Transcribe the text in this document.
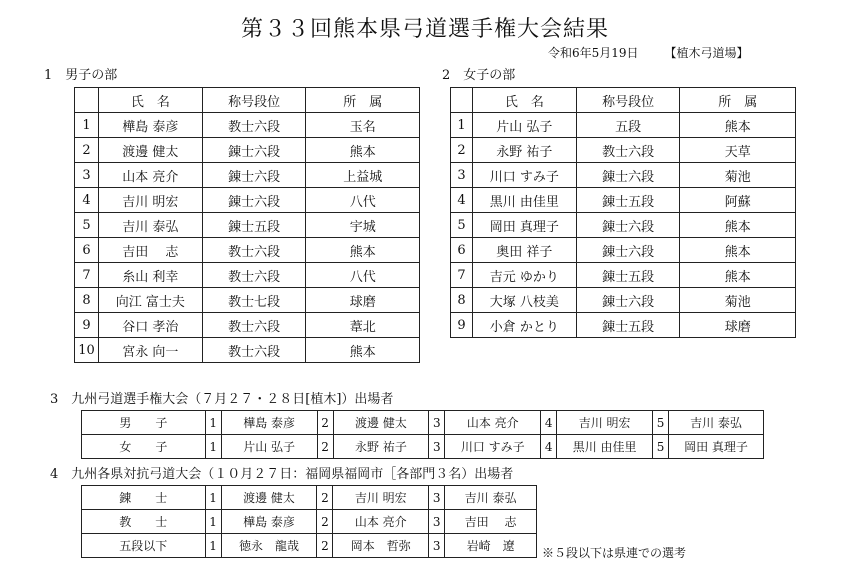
第３３回熊本県弓道選手権大会結果
令和6年5月19日 【植木弓道場】
1　男子の部	2　女子の部
	氏　名	称号段位	所　属
1	樺島 泰彦	教士六段	玉名
2	渡邊 健太	錬士六段	熊本
3	山本 亮介	錬士六段	上益城
4	吉川 明宏	錬士六段	八代
5	吉川 泰弘	錬士五段	宇城
6	吉田　 志	教士六段	熊本
7	糸山 利幸	教士六段	八代
8	向江 富士夫	教士七段	球磨
9	谷口 孝治	教士六段	葦北
10	宮永 向一	教士六段	熊本
	氏　名	称号段位	所　属
1	片山 弘子	五段	熊本
2	永野 祐子	教士六段	天草
3	川口 すみ子	錬士六段	菊池
4	黒川 由佳里	錬士五段	阿蘇
5	岡田 真理子	錬士六段	熊本
6	奥田 祥子	錬士六段	熊本
7	吉元 ゆかり	錬士五段	熊本
8	大塚 八枝美	錬士六段	菊池
9	小倉 かとり	錬士五段	球磨
3　九州弓道選手権大会（７月２７・２８日[植木]）出場者
男　　子	1	樺島 泰彦	2	渡邊 健太	3	山本 亮介	4	吉川 明宏	5	吉川 泰弘
女　　子	1	片山 弘子	2	永野 祐子	3	川口 すみ子	4	黒川 由佳里	5	岡田 真理子
4　九州各県対抗弓道大会（１０月２７日：福岡県福岡市［各部門３名）出場者
錬　　士	1	渡邊 健太	2	吉川 明宏	3	吉川 泰弘
教　　士	1	樺島 泰彦	2	山本 亮介	3	吉田　 志
五段以下	1	徳永　龍哉	2	岡本　哲弥	3	岩崎　遼 ※５段以下は県連での選考
